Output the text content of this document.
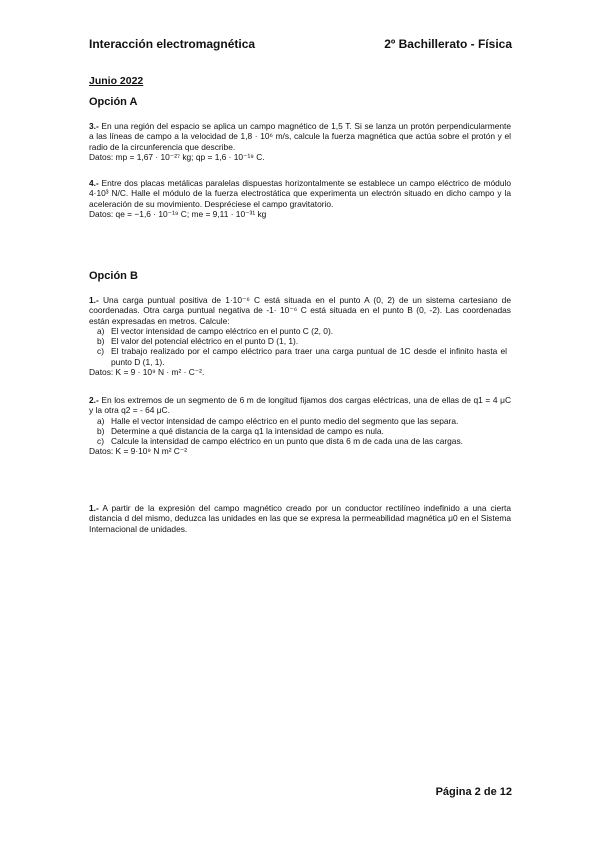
Interacción electromagnética	2º Bachillerato - Física
Junio 2022
Opción A

3.- En una región del espacio se aplica un campo magnético de 1,5 T. Si se lanza un protón perpendicularmente a las líneas de campo a la velocidad de 1,8 · 10⁶ m/s, calcule la fuerza magnética que actúa sobre el protón y el radio de la circunferencia que describe.

Datos: mp = 1,67 · 10⁻²⁷ kg; qp = 1,6 · 10⁻¹⁹ C.

4.- Entre dos placas metálicas paralelas dispuestas horizontalmente se establece un campo eléctrico de módulo 4·10³ N/C. Halle el módulo de la fuerza electrostática que experimenta un electrón situado en dicho campo y la aceleración de su movimiento. Despréciese el campo gravitatorio.

Datos: qe = −1,6 · 10⁻¹⁹ C; me = 9,11 · 10⁻³¹ kg

Opción B

1.- Una carga puntual positiva de 1·10⁻⁶ C está situada en el punto A (0, 2) de un sistema cartesiano de coordenadas. Otra carga puntual negativa de -1· 10⁻⁶ C está situada en el punto B (0, -2). Las coordenadas están expresadas en metros. Calcule:

a) El vector intensidad de campo eléctrico en el punto C (2, 0).
b) El valor del potencial eléctrico en el punto D (1, 1).
c) El trabajo realizado por el campo eléctrico para traer una carga puntual de 1C desde el infinito hasta el punto D (1, 1).

Datos: K = 9 · 10⁹ N · m² · C⁻².

2.- En los extremos de un segmento de 6 m de longitud fijamos dos cargas eléctricas, una de ellas de q1 = 4 μC y la otra q2 = - 64 μC.

a) Halle el vector intensidad de campo eléctrico en el punto medio del segmento que las separa.
b) Determine a qué distancia de la carga q1 la intensidad de campo es nula.
c) Calcule la intensidad de campo eléctrico en un punto que dista 6 m de cada una de las cargas.

Datos: K = 9·10⁹ N m² C⁻²

1.- A partir de la expresión del campo magnético creado por un conductor rectilíneo indefinido a una cierta distancia d del mismo, deduzca las unidades en las que se expresa la permeabilidad magnética μ0 en el Sistema Internacional de unidades.

Página 2 de 12
